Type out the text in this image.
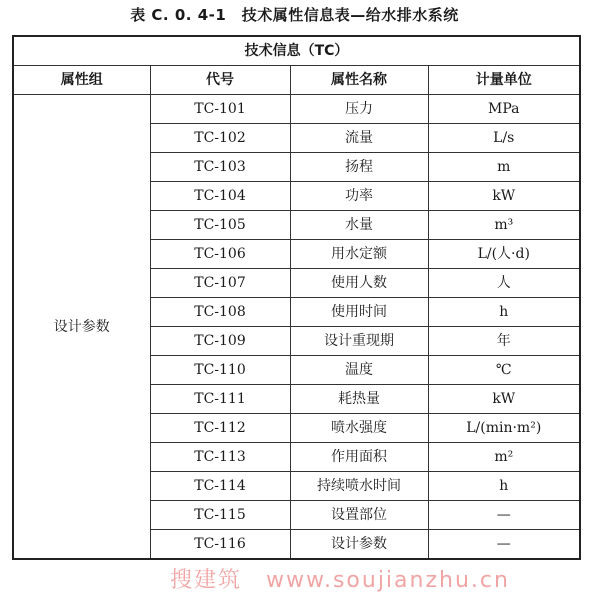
表 C. 0. 4-1　技术属性信息表—给水排水系统
技术信息（TC）			
属性组	代号	属性名称	计量单位
设计参数	TC-101	压力	MPa
	TC-102	流量	L/s
	TC-103	扬程	m
	TC-104	功率	kW
	TC-105	水量	m³
	TC-106	用水定额	L/(人·d)
	TC-107	使用人数	人
	TC-108	使用时间	h
	TC-109	设计重现期	年
	TC-110	温度	℃
	TC-111	耗热量	kW
	TC-112	喷水强度	L/(min·m²)
	TC-113	作用面积	m²
	TC-114	持续喷水时间	h
	TC-115	设置部位	—
	TC-116	设计参数	—
搜建筑　www.soujianzhu.cn
